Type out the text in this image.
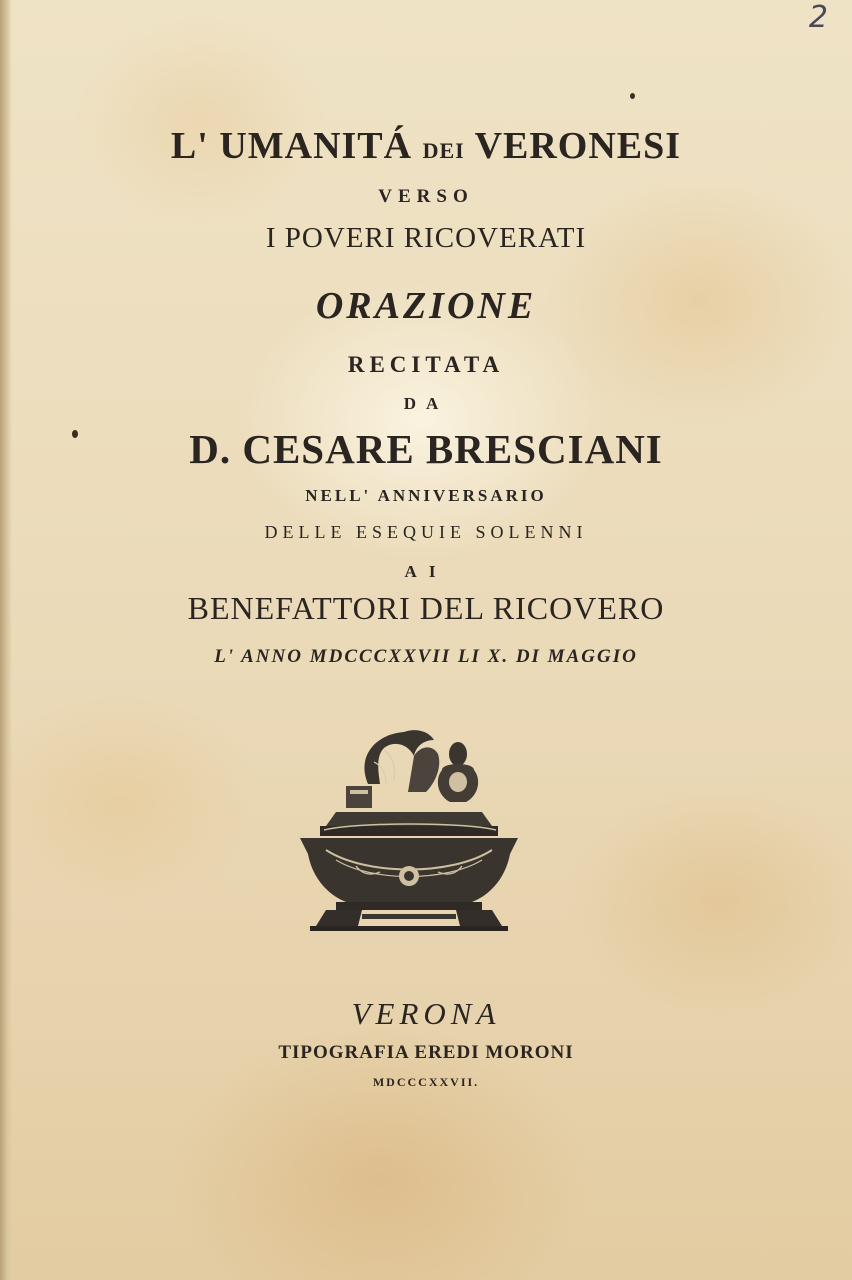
2
L' UMANITÁ DEI VERONESI
VERSO
I POVERI RICOVERATI
ORAZIONE
RECITATA
DA
D. CESARE BRESCIANI
NELL' ANNIVERSARIO
DELLE ESEQUIE SOLENNI
AI
BENEFATTORI DEL RICOVERO
L' ANNO MDCCCXXVII LI X. DI MAGGIO
VERONA
TIPOGRAFIA EREDI MORONI
MDCCCXXVII.
